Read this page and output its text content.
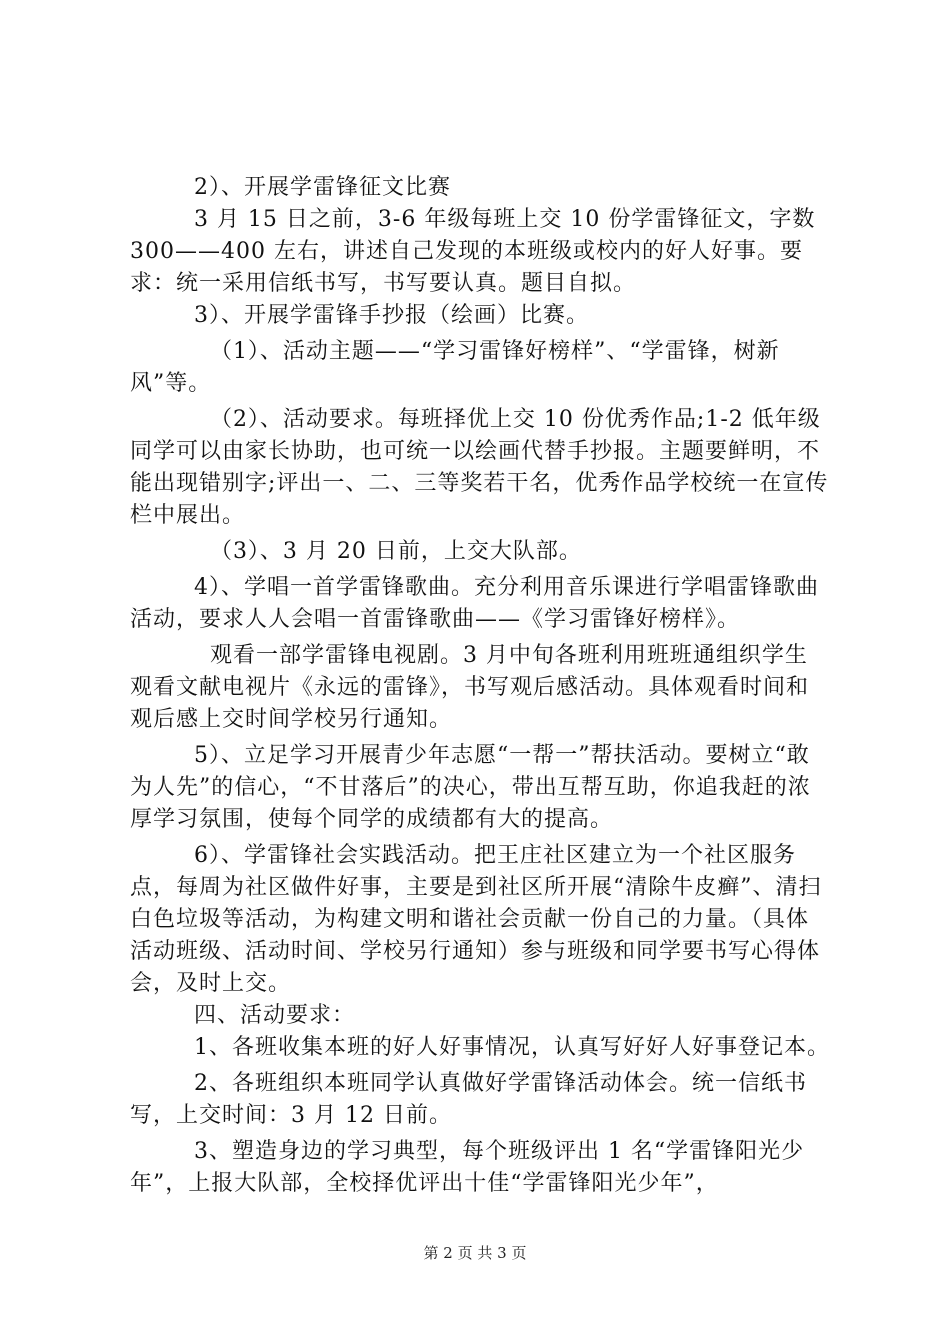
2）、开展学雷锋征文比赛

3 月 15 日之前，3-6 年级每班上交 10 份学雷锋征文，字数300——400 左右，讲述自己发现的本班级或校内的好人好事。要求：统一采用信纸书写，书写要认真。题目自拟。

3）、开展学雷锋手抄报（绘画）比赛。

（1）、活动主题——“学习雷锋好榜样”、“学雷锋，树新风”等。

（2）、活动要求。每班择优上交 10 份优秀作品;1-2 低年级同学可以由家长协助，也可统一以绘画代替手抄报。主题要鲜明，不能出现错别字;评出一、二、三等奖若干名，优秀作品学校统一在宣传栏中展出。

（3）、3 月 20 日前，上交大队部。

4）、学唱一首学雷锋歌曲。充分利用音乐课进行学唱雷锋歌曲活动，要求人人会唱一首雷锋歌曲——《学习雷锋好榜样》。

观看一部学雷锋电视剧。3 月中旬各班利用班班通组织学生观看文献电视片《永远的雷锋》，书写观后感活动。具体观看时间和观后感上交时间学校另行通知。

5）、立足学习开展青少年志愿“一帮一”帮扶活动。要树立“敢为人先”的信心，“不甘落后”的决心，带出互帮互助，你追我赶的浓厚学习氛围，使每个同学的成绩都有大的提高。

6）、学雷锋社会实践活动。把王庄社区建立为一个社区服务点，每周为社区做件好事，主要是到社区所开展“清除牛皮癣”、清扫白色垃圾等活动，为构建文明和谐社会贡献一份自己的力量。（具体活动班级、活动时间、学校另行通知）参与班级和同学要书写心得体会，及时上交。

四、活动要求：

1、各班收集本班的好人好事情况，认真写好好人好事登记本。

2、各班组织本班同学认真做好学雷锋活动体会。统一信纸书写，上交时间：3 月 12 日前。

3、塑造身边的学习典型，每个班级评出 1 名“学雷锋阳光少年”，上报大队部，全校择优评出十佳“学雷锋阳光少年”，

第 2 页 共 3 页
